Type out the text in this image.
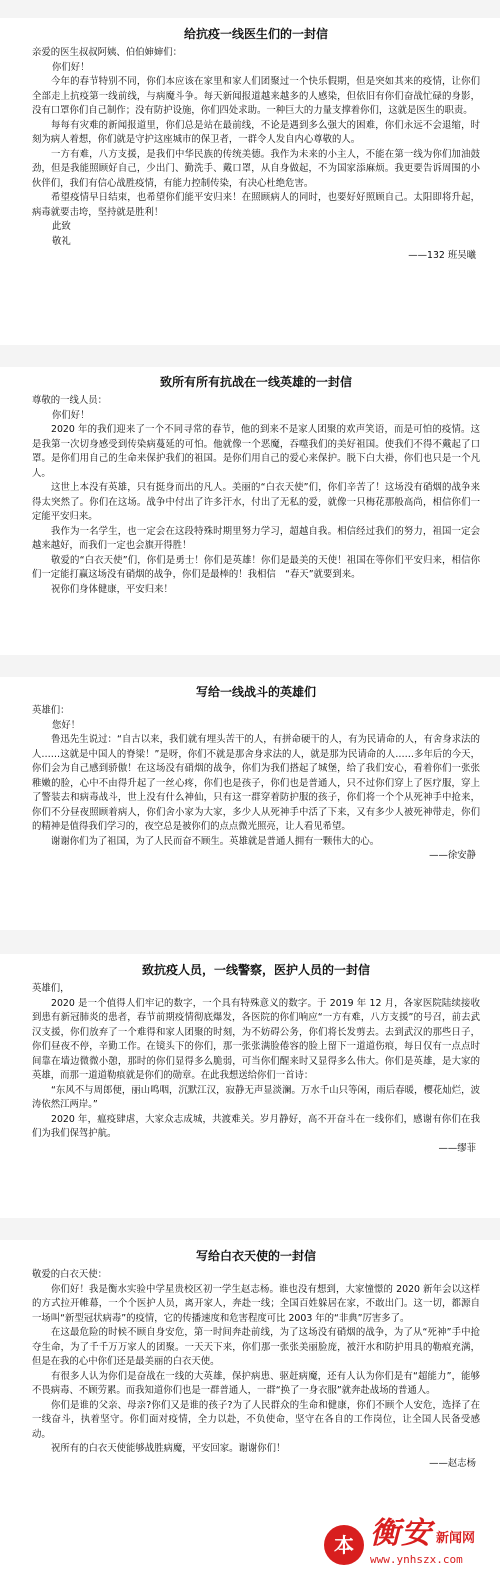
给抗疫一线医生们的一封信

亲爱的医生叔叔阿姨、伯伯婶婶们：

你们好！

今年的春节特别不同，你们本应该在家里和家人们团聚过一个快乐假期，但是突如其来的疫情，让你们全部走上抗疫第一线前线，与病魔斗争。每天新闻报道越来越多的人感染，但依旧有你们奋战忙碌的身影，没有口罩你们自己制作；没有防护设施，你们四处求助。一种巨大的力量支撑着你们，这就是医生的职责。

每每有灾难的新闻报道里，你们总是站在最前线，不论是遇到多么强大的困难，你们永远不会退缩，时刻为病人着想，你们就是守护这座城市的保卫者，一群令人发自内心尊敬的人。

一方有难，八方支援，是我们中华民族的传统美德。我作为未来的小主人，不能在第一线为你们加油鼓劲，但是我能照顾好自己，少出门、勤洗手、戴口罩，从自身做起，不为国家添麻烦。我更要告诉周围的小伙伴们，我们有信心战胜疫情，有能力控制传染，有决心杜绝危害。

希望疫情早日结束，也希望你们能平安归来！在照顾病人的同时，也要好好照顾自己。太阳即将升起，病毒就要击垮，坚持就是胜利！

此致

敬礼

——132 班吴曦

致所有所有抗战在一线英雄的一封信

尊敬的一线人员：

你们好！

2020 年的我们迎来了一个不同寻常的春节，他的到来不是家人团聚的欢声笑语，而是可怕的疫情。这是我第一次切身感受到传染病蔓延的可怕。他就像一个恶魔，吞噬我们的美好祖国。使我们不得不戴起了口罩。是你们用自己的生命来保护我们的祖国。是你们用自己的爱心来保护。脱下白大褂，你们也只是一个凡人。

这世上本没有英雄，只有挺身而出的凡人。美丽的“白衣天使”们，你们辛苦了！这场没有硝烟的战争来得太突然了。你们在这场。战争中付出了许多汗水，付出了无私的爱，就像一只梅花那般高尚，相信你们一定能平安归来。

我作为一名学生，也一定会在这段特殊时期里努力学习，超越自我。相信经过我们的努力，祖国一定会越来越好，而我们一定也会旗开得胜！

敬爱的“白衣天使”们，你们是勇士！你们是英雄！你们是最美的天使！祖国在等你们平安归来，相信你们一定能打赢这场没有硝烟的战争，你们是最棒的！我相信　“春天”就要到来。

祝你们身体健康，平安归来！

写给一线战斗的英雄们

英雄们：

您好！

鲁迅先生说过：“自古以来，我们就有埋头苦干的人，有拼命硬干的人，有为民请命的人，有舍身求法的人……这就是中国人的脊梁！”是呀，你们不就是那舍身求法的人，就是那为民请命的人……多年后的今天，你们会为自己感到骄傲！在这场没有硝烟的战争，你们为我们搭起了城堡，给了我们安心，看着你们一张张稚嫩的脸，心中不由得升起了一丝心疼，你们也是孩子，你们也是普通人，只不过你们穿上了医疗服，穿上了警装去和病毒战斗，世上没有什么神仙，只有这一群穿着防护服的孩子，你们将一个个从死神手中抢来，你们不分昼夜照顾着病人，你们舍小家为大家，多少人从死神手中活了下来，又有多少人被死神带走，你们的精神是值得我们学习的，夜空总是被你们的点点微光照亮，让人看见希望。

谢谢你们为了祖国，为了人民而奋不顾生。英雄就是普通人拥有一颗伟大的心。

——徐安静

致抗疫人员，一线警察，医护人员的一封信

英雄们，

2020 是一个值得人们牢记的数字，一个具有特殊意义的数字。于 2019 年 12 月，各家医院陆续接收到患有新冠肺炎的患者，春节前期疫情彻底爆发，各医院的你们响应“一方有难，八方支援”的号召，前去武汉支援，你们放弃了一个难得和家人团聚的时刻，为不妨碍公务，你们将长发剪去。去到武汉的那些日子，你们昼夜不停，辛勤工作。在镜头下的你们，那一张张满脸倦容的脸上留下一道道伤痕，每日仅有一点点时间靠在墙边微微小憩，那时的你们显得多么脆弱，可当你们醒来时又显得多么伟大。你们是英雄，是大家的英雄，而那一道道勒痕就是你们的勋章。在此我想送给你们一首诗：

“东风不与周郎便，丽山鸣咽，沉默江汉，寂静无声显淡澜。万水千山只等闲，雨后春暖，樱花灿烂，波涛依然江两岸。”

2020 年，瘟疫肆虐，大家众志成城，共渡难关。岁月静好，高不开奋斗在一线你们，感谢有你们在我们为我们保驾护航。

——缪菲

写给白衣天使的一封信

敬爱的白衣天使：

你们好！我是衡水实验中学星贵校区初一学生赵志杨。谁也没有想到，大家憧憬的 2020 新年会以这样的方式拉开帷幕，一个个医护人员，离开家人，奔赴一线；全国百姓躲居在家，不敢出门。这一切，都源自一场叫“新型冠状病毒”的疫情，它的传播速度和危害程度可比 2003 年的“非典”厉害多了。

在这最危险的时候不顾自身安危，第一时间奔赴前线，为了这场没有硝烟的战争，为了从“死神”手中抢夺生命，为了千千万万家人的团聚。一天天下来，你们那一张张美丽脸庞，被汗水和防护用具的勒痕充满，但是在我的心中你们还是最美丽的白衣天使。

有很多人认为你们是奋战在一线的大英雄，保护病患、驱赶病魔，还有人认为你们是有“超能力”，能够不畏病毒、不顾劳累。而我知道你们也是一群普通人，一群“换了一身衣服”就奔赴战场的普通人。

你们是谁的父亲、母亲?你们又是谁的孩子?为了人民群众的生命和健康，你们不顾个人安危，选择了在一线奋斗，执着坚守。你们面对疫情，全力以赴，不负使命，坚守在各自的工作岗位，让全国人民备受感动。

祝所有的白衣天使能够战胜病魔，平安回家。谢谢你们！

——赵志杨

本 衡安 新闻网
www.ynhszx.com
